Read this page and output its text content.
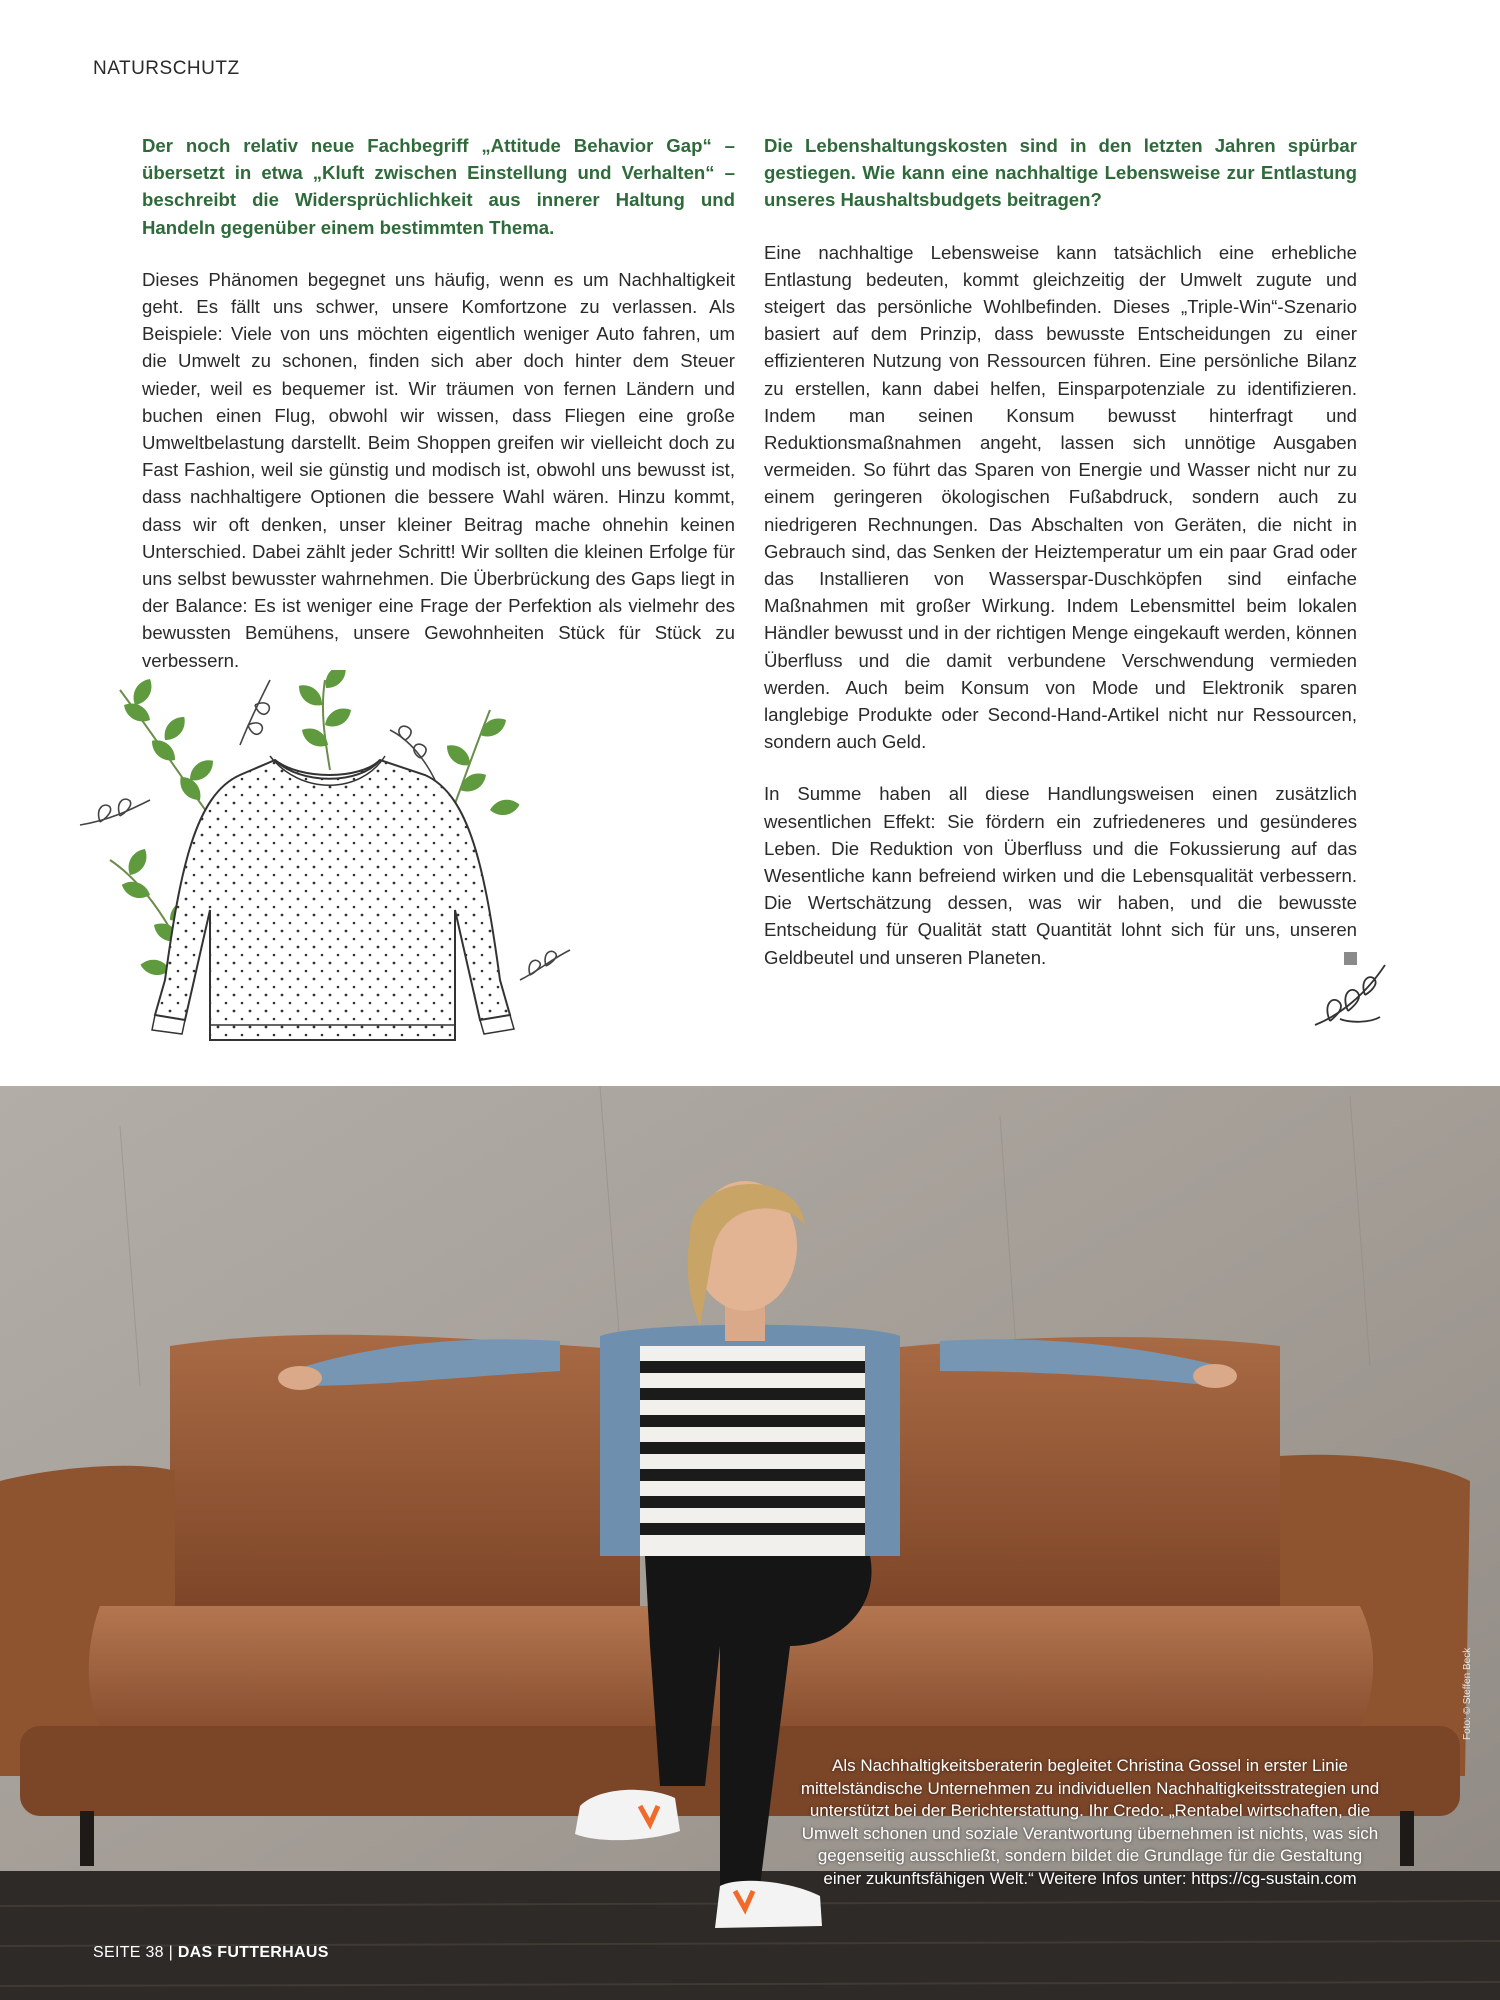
NATURSCHUTZ

Der noch relativ neue Fachbegriff „Attitude Behavior Gap“ – übersetzt in etwa „Kluft zwischen Einstellung und Verhalten“ – beschreibt die Widersprüchlichkeit aus innerer Haltung und Handeln gegenüber einem bestimmten Thema.

Dieses Phänomen begegnet uns häufig, wenn es um Nachhaltigkeit geht. Es fällt uns schwer, unsere Komfortzone zu verlassen. Als Beispiele: Viele von uns möchten eigentlich weniger Auto fahren, um die Umwelt zu schonen, finden sich aber doch hinter dem Steuer wieder, weil es bequemer ist. Wir träumen von fernen Ländern und buchen einen Flug, obwohl wir wissen, dass Fliegen eine große Umweltbelastung darstellt. Beim Shoppen greifen wir vielleicht doch zu Fast Fashion, weil sie günstig und modisch ist, obwohl uns bewusst ist, dass nachhaltigere Optionen die bessere Wahl wären. Hinzu kommt, dass wir oft denken, unser kleiner Beitrag mache ohnehin keinen Unterschied. Dabei zählt jeder Schritt! Wir sollten die kleinen Erfolge für uns selbst bewusster wahrnehmen. Die Überbrückung des Gaps liegt in der Balance: Es ist weniger eine Frage der Perfektion als vielmehr des bewussten Bemühens, unsere Gewohnheiten Stück für Stück zu verbessern.

Die Lebenshaltungskosten sind in den letzten Jahren spürbar gestiegen. Wie kann eine nachhaltige Lebensweise zur Entlastung unseres Haushaltsbudgets beitragen?

Eine nachhaltige Lebensweise kann tatsächlich eine erhebliche Entlastung bedeuten, kommt gleichzeitig der Umwelt zugute und steigert das persönliche Wohlbefinden. Dieses „Triple-Win“-Szenario basiert auf dem Prinzip, dass bewusste Entscheidungen zu einer effizienteren Nutzung von Ressourcen führen. Eine persönliche Bilanz zu erstellen, kann dabei helfen, Einsparpotenziale zu identifizieren. Indem man seinen Konsum bewusst hinterfragt und Reduktionsmaßnahmen angeht, lassen sich unnötige Ausgaben vermeiden. So führt das Sparen von Energie und Wasser nicht nur zu einem geringeren ökologischen Fußabdruck, sondern auch zu niedrigeren Rechnungen. Das Abschalten von Geräten, die nicht in Gebrauch sind, das Senken der Heiztemperatur um ein paar Grad oder das Installieren von Wasserspar-Duschköpfen sind einfache Maßnahmen mit großer Wirkung. Indem Lebensmittel beim lokalen Händler bewusst und in der richtigen Menge eingekauft werden, können Überfluss und die damit verbundene Verschwendung vermieden werden. Auch beim Konsum von Mode und Elektronik sparen langlebige Produkte oder Second-Hand-Artikel nicht nur Ressourcen, sondern auch Geld.

In Summe haben all diese Handlungsweisen einen zusätzlich wesentlichen Effekt: Sie fördern ein zufriedeneres und gesünderes Leben. Die Reduktion von Überfluss und die Fokussierung auf das Wesentliche kann befreiend wirken und die Lebensqualität verbessern. Die Wertschätzung dessen, was wir haben, und die bewusste Entscheidung für Qualität statt Quantität lohnt sich für uns, unseren Geldbeutel und unseren Planeten.

Als Nachhaltigkeitsberaterin begleitet Christina Gossel in erster Linie mittelständische Unternehmen zu individuellen Nachhaltigkeitsstrategien und unterstützt bei der Berichterstattung. Ihr Credo: „Rentabel wirtschaften, die Umwelt schonen und soziale Verantwortung übernehmen ist nichts, was sich gegenseitig ausschließt, sondern bildet die Grundlage für die Gestaltung einer zukunftsfähigen Welt.“ Weitere Infos unter: https://cg-sustain.com
Foto: © Steffen Beck
SEITE 38 | DAS FUTTERHAUS
